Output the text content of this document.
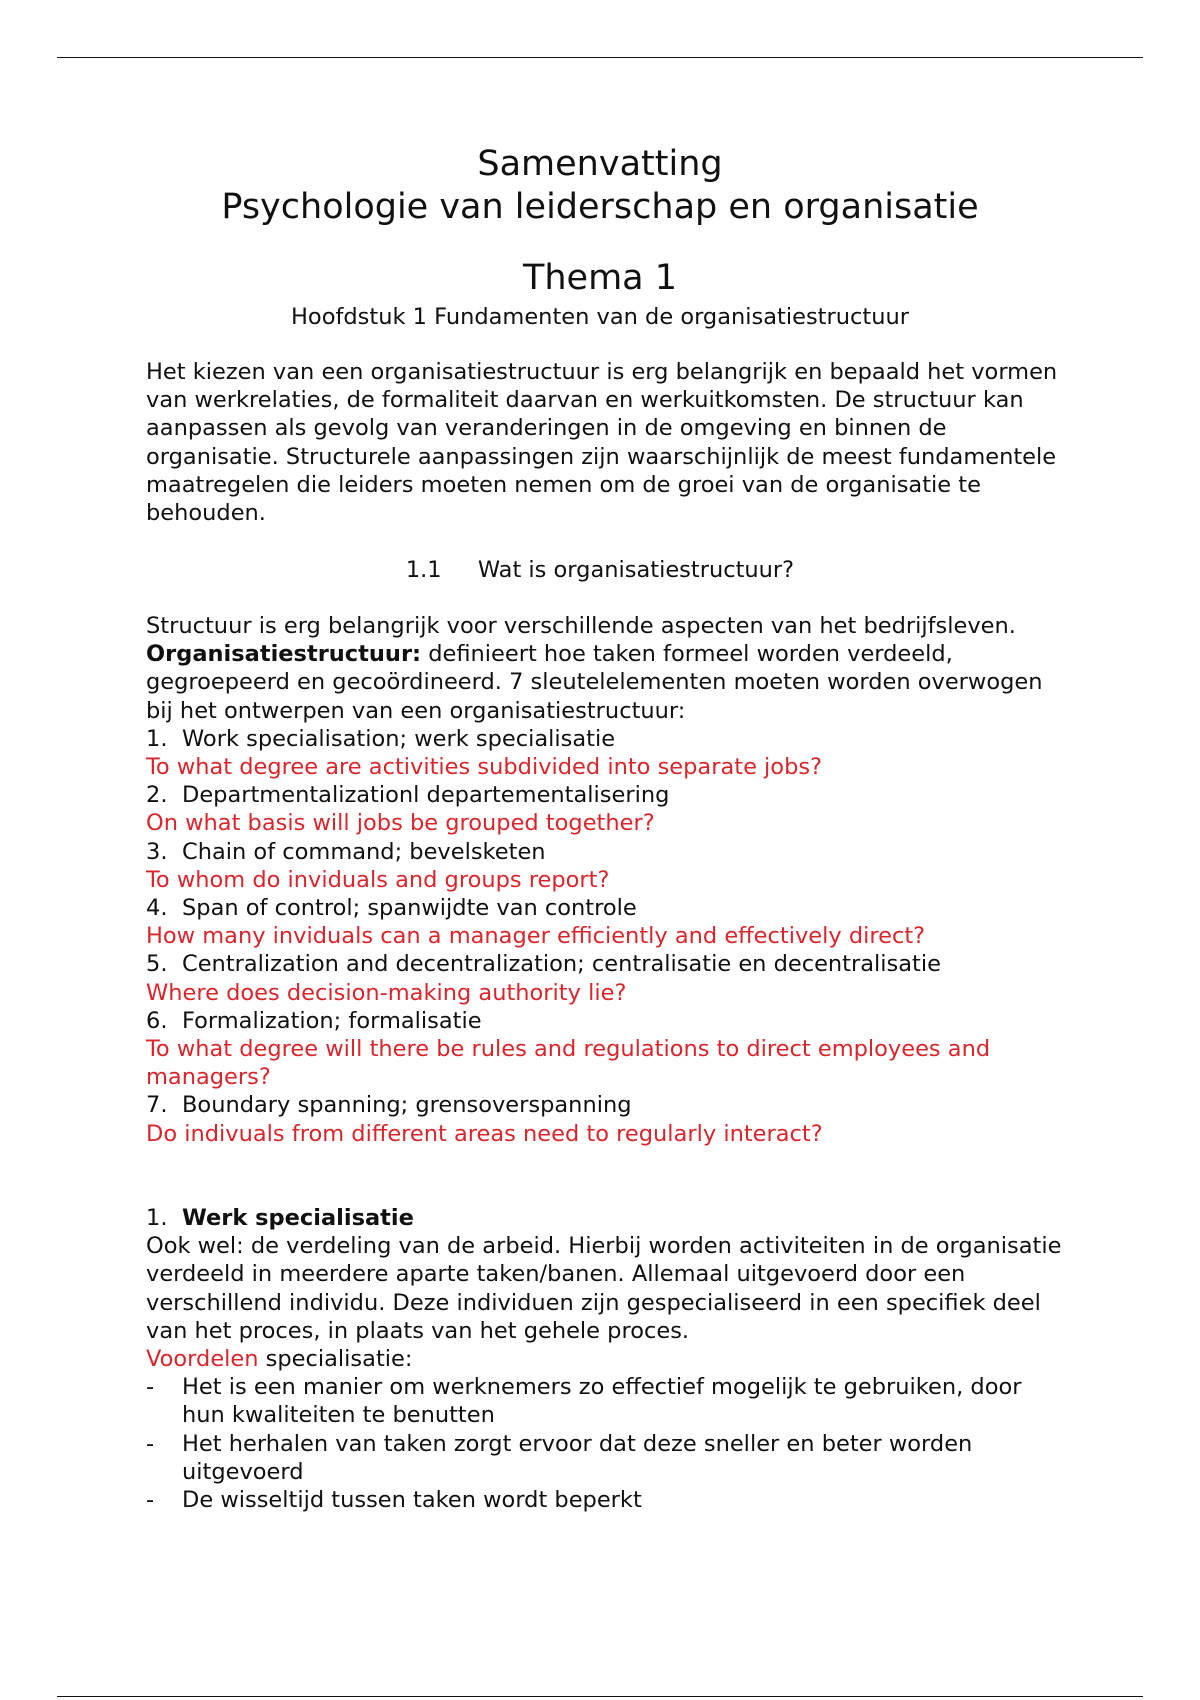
Samenvatting
Psychologie van leiderschap en organisatie
Thema 1
Hoofdstuk 1 Fundamenten van de organisatiestructuur

Het kiezen van een organisatiestructuur is erg belangrijk en bepaald het vormen van werkrelaties, de formaliteit daarvan en werkuitkomsten. De structuur kan aanpassen als gevolg van veranderingen in de omgeving en binnen de organisatie. Structurele aanpassingen zijn waarschijnlijk de meest fundamentele maatregelen die leiders moeten nemen om de groei van de organisatie te behouden.

1.1 Wat is organisatiestructuur?

Structuur is erg belangrijk voor verschillende aspecten van het bedrijfsleven.

Organisatiestructuur: definieert hoe taken formeel worden verdeeld, gegroepeerd en gecoördineerd. 7 sleutelelementen moeten worden overwogen bij het ontwerpen van een organisatiestructuur:

1. Work specialisation; werk specialisatie
To what degree are activities subdivided into separate jobs?
2. Departmentalizationl departementalisering
On what basis will jobs be grouped together?
3. Chain of command; bevelsketen
To whom do inviduals and groups report?
4. Span of control; spanwijdte van controle
How many inviduals can a manager efficiently and effectively direct?
5. Centralization and decentralization; centralisatie en decentralisatie
Where does decision-making authority lie?
6. Formalization; formalisatie
To what degree will there be rules and regulations to direct employees and managers?
7. Boundary spanning; grensoverspanning
Do indivuals from different areas need to regularly interact?
1. Werk specialisatie

Ook wel: de verdeling van de arbeid. Hierbij worden activiteiten in de organisatie verdeeld in meerdere aparte taken/banen. Allemaal uitgevoerd door een verschillend individu. Deze individuen zijn gespecialiseerd in een specifiek deel van het proces, in plaats van het gehele proces.

Voordelen specialisatie:

-	Het is een manier om werknemers zo effectief mogelijk te gebruiken, door hun kwaliteiten te benutten
-	Het herhalen van taken zorgt ervoor dat deze sneller en beter worden uitgevoerd
-	De wisseltijd tussen taken wordt beperkt
